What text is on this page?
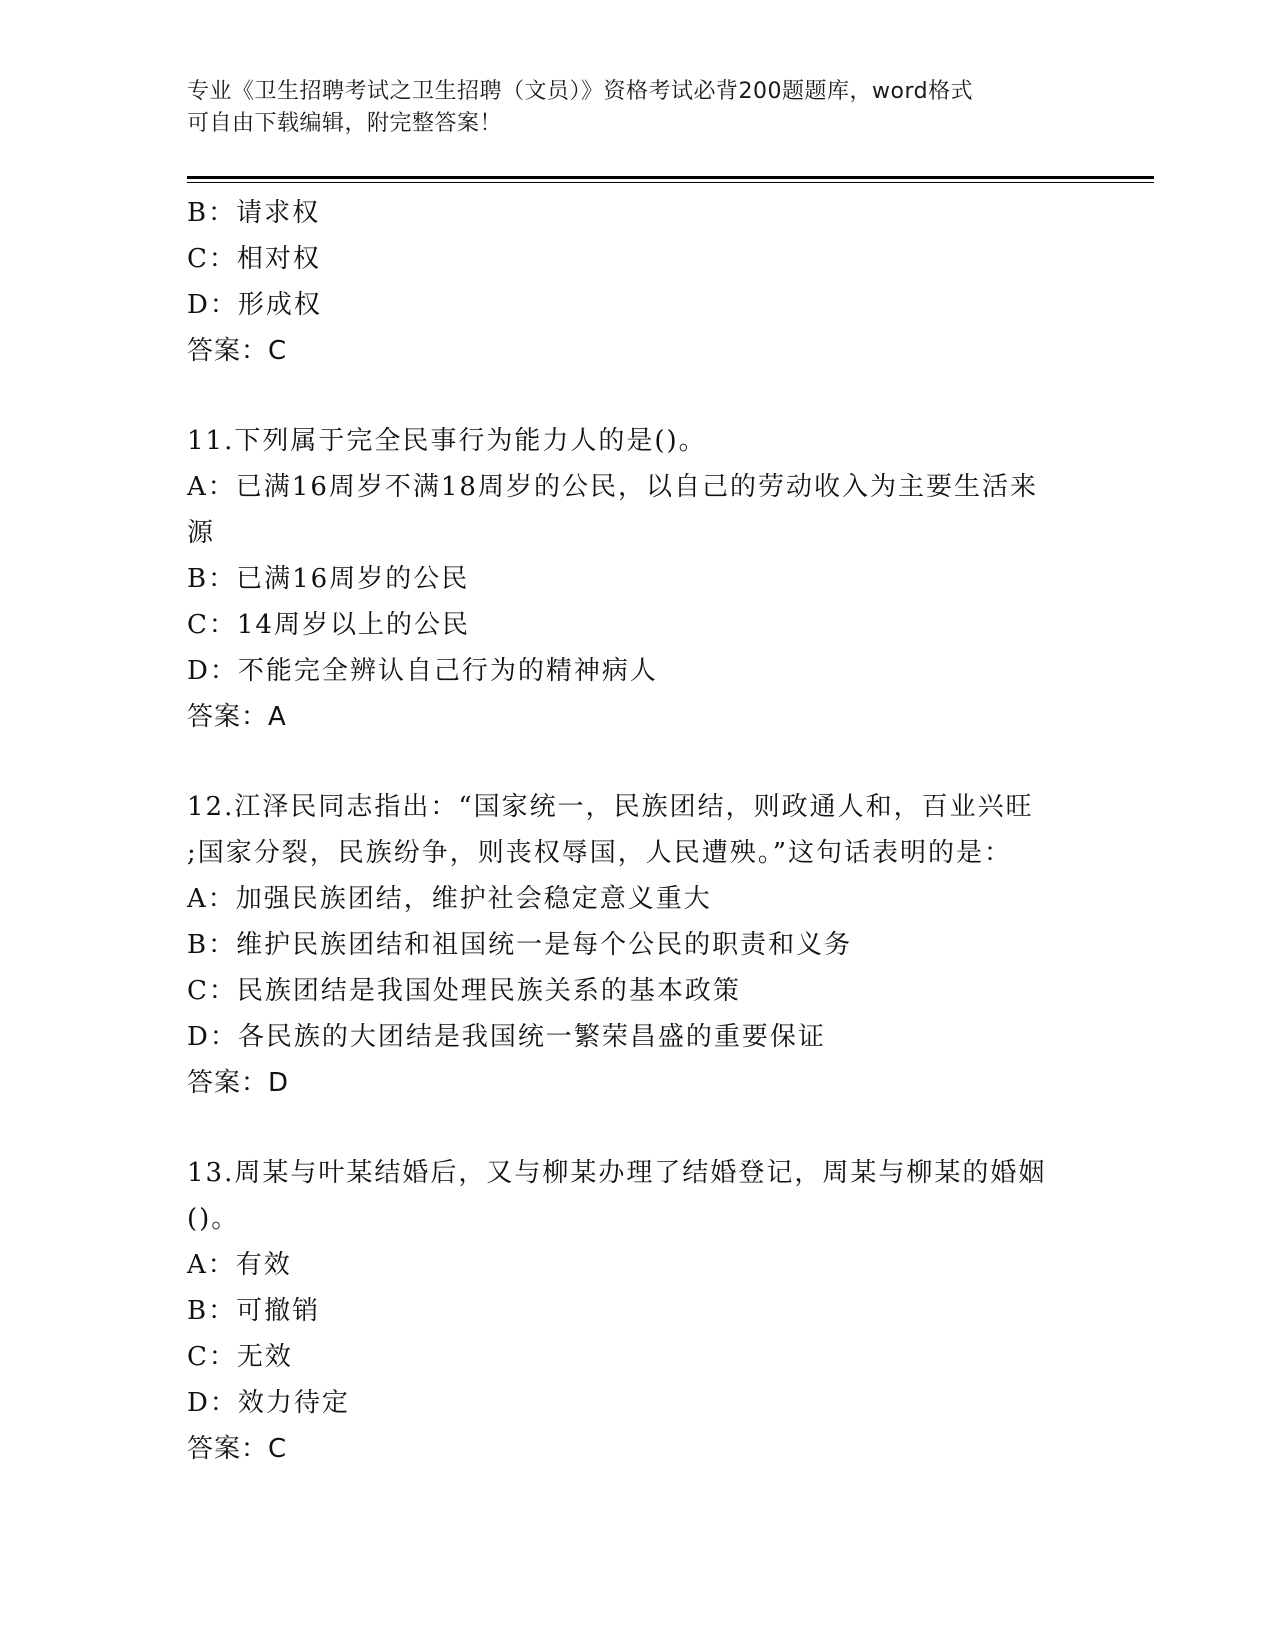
专业《卫生招聘考试之卫生招聘（文员）》资格考试必背200题题库，word格式
可自由下载编辑，附完整答案！
B：请求权
C：相对权
D：形成权
答案：C
11.下列属于完全民事行为能力人的是()。
A：已满16周岁不满18周岁的公民，以自己的劳动收入为主要生活来
源
B：已满16周岁的公民
C：14周岁以上的公民
D：不能完全辨认自己行为的精神病人
答案：A
12.江泽民同志指出：“国家统一，民族团结，则政通人和，百业兴旺
;国家分裂，民族纷争，则丧权辱国，人民遭殃。”这句话表明的是：
A：加强民族团结，维护社会稳定意义重大
B：维护民族团结和祖国统一是每个公民的职责和义务
C：民族团结是我国处理民族关系的基本政策
D：各民族的大团结是我国统一繁荣昌盛的重要保证
答案：D
13.周某与叶某结婚后，又与柳某办理了结婚登记，周某与柳某的婚姻
()。
A：有效
B：可撤销
C：无效
D：效力待定
答案：C
